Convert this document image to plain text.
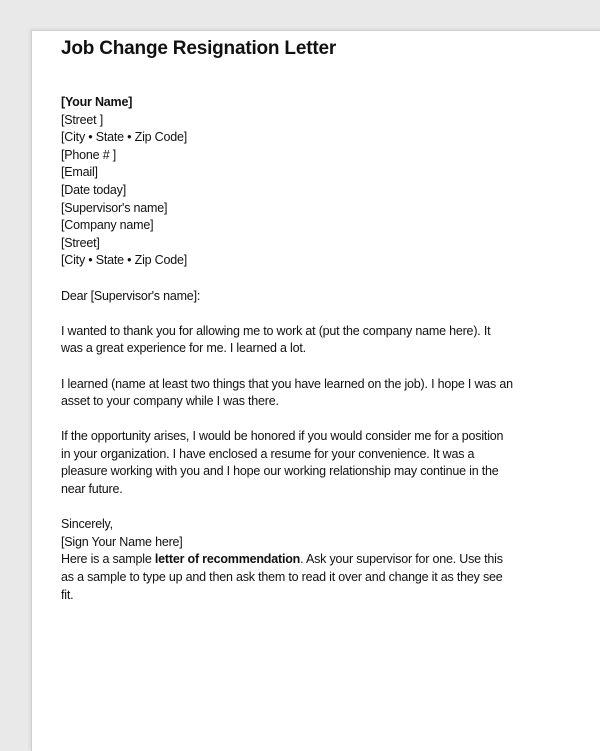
Job Change Resignation Letter
[Your Name]
[Street ]
[City • State • Zip Code]
[Phone # ]
[Email]
[Date today]
[Supervisor's name]
[Company name]
[Street]
[City • State • Zip Code]
Dear [Supervisor's name]:
I wanted to thank you for allowing me to work at (put the company name here). It
was a great experience for me. I learned a lot.
I learned (name at least two things that you have learned on the job). I hope I was an
asset to your company while I was there.
If the opportunity arises, I would be honored if you would consider me for a position
in your organization. I have enclosed a resume for your convenience. It was a
pleasure working with you and I hope our working relationship may continue in the
near future.
Sincerely,
[Sign Your Name here]
Here is a sample letter of recommendation. Ask your supervisor for one. Use this
as a sample to type up and then ask them to read it over and change it as they see
fit.
